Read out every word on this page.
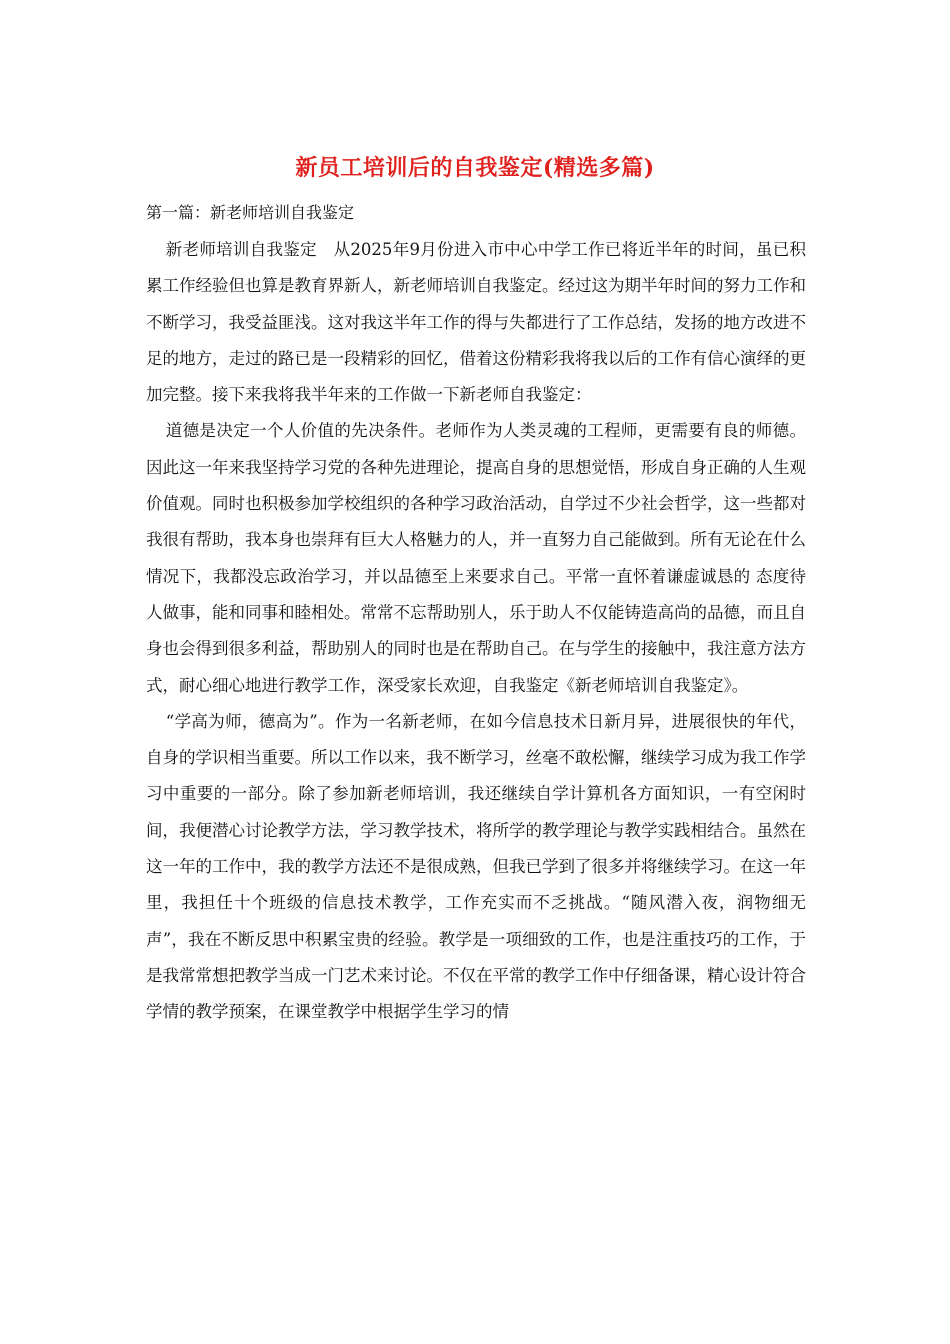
新员工培训后的自我鉴定(精选多篇)
第一篇：新老师培训自我鉴定

新老师培训自我鉴定　从2025年9月份进入市中心中学工作已将近半年的时间，虽已积累工作经验但也算是教育界新人，新老师培训自我鉴定。经过这为期半年时间的努力工作和不断学习，我受益匪浅。这对我这半年工作的得与失都进行了工作总结，发扬的地方改进不足的地方，走过的路已是一段精彩的回忆，借着这份精彩我将我以后的工作有信心演绎的更加完整。接下来我将我半年来的工作做一下新老师自我鉴定：

道德是决定一个人价值的先决条件。老师作为人类灵魂的工程师，更需要有良的师德。因此这一年来我坚持学习党的各种先进理论，提高自身的思想觉悟，形成自身正确的人生观价值观。同时也积极参加学校组织的各种学习政治活动，自学过不少社会哲学，这一些都对我很有帮助，我本身也崇拜有巨大人格魅力的人，并一直努力自己能做到。所有无论在什么情况下，我都没忘政治学习，并以品德至上来要求自己。平常一直怀着谦虚诚恳的 态度待人做事，能和同事和睦相处。常常不忘帮助别人，乐于助人不仅能铸造高尚的品德，而且自身也会得到很多利益，帮助别人的同时也是在帮助自己。在与学生的接触中，我注意方法方式，耐心细心地进行教学工作，深受家长欢迎，自我鉴定《新老师培训自我鉴定》。

“学高为师，德高为”。作为一名新老师，在如今信息技术日新月异，进展很快的年代，自身的学识相当重要。所以工作以来，我不断学习，丝毫不敢松懈，继续学习成为我工作学习中重要的一部分。除了参加新老师培训，我还继续自学计算机各方面知识，一有空闲时间，我便潜心讨论教学方法，学习教学技术，将所学的教学理论与教学实践相结合。虽然在这一年的工作中，我的教学方法还不是很成熟，但我已学到了很多并将继续学习。在这一年里，我担任十个班级的信息技术教学，工作充实而不乏挑战。“随风潜入夜，润物细无声”，我在不断反思中积累宝贵的经验。教学是一项细致的工作，也是注重技巧的工作，于是我常常想把教学当成一门艺术来讨论。不仅在平常的教学工作中仔细备课，精心设计符合学情的教学预案，在课堂教学中根据学生学习的情
